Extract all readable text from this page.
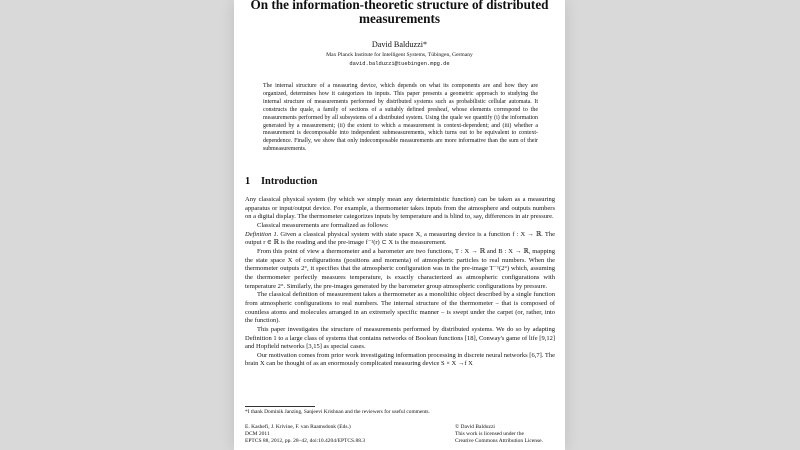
On the information-theoretic structure of distributed
measurements
David Balduzzi*
Max Planck Institute for Intelligent Systems, Tübingen, Germany
david.balduzzi@tuebingen.mpg.de

The internal structure of a measuring device, which depends on what its components are and how they are organized, determines how it categorizes its inputs. This paper presents a geometric approach to studying the internal structure of measurements performed by distributed systems such as probabilistic cellular automata. It constructs the quale, a family of sections of a suitably defined presheaf, whose elements correspond to the measurements performed by all subsystems of a distributed system. Using the quale we quantify (i) the information generated by a measurement; (ii) the extent to which a measurement is context-dependent; and (iii) whether a measurement is decomposable into independent submeasurements, which turns out to be equivalent to context-dependence. Finally, we show that only indecomposable measurements are more informative than the sum of their submeasurements.

1 Introduction

Any classical physical system (by which we simply mean any deterministic function) can be taken as a measuring apparatus or input/output device. For example, a thermometer takes inputs from the atmosphere and outputs numbers on a digital display. The thermometer categorizes inputs by temperature and is blind to, say, differences in air pressure.

Classical measurements are formalized as follows:

Definition 1. Given a classical physical system with state space X, a measuring device is a function f : X → ℝ. The output r ∈ ℝ is the reading and the pre-image f⁻¹(r) ⊂ X is the measurement.

From this point of view a thermometer and a barometer are two functions, T : X → ℝ and B : X → ℝ, mapping the state space X of configurations (positions and momenta) of atmospheric particles to real numbers. When the thermometer outputs 2°, it specifies that the atmospheric configuration was in the pre-image T⁻¹(2°) which, assuming the thermometer perfectly measures temperature, is exactly characterized as atmospheric configurations with temperature 2°. Similarly, the pre-images generated by the barometer group atmospheric configurations by pressure.

The classical definition of measurement takes a thermometer as a monolithic object described by a single function from atmospheric configurations to real numbers. The internal structure of the thermometer – that is composed of countless atoms and molecules arranged in an extremely specific manner – is swept under the carpet (or, rather, into the function).

This paper investigates the structure of measurements performed by distributed systems. We do so by adapting Definition 1 to a large class of systems that contains networks of Boolean functions [18], Conway's game of life [9,12] and Hopfield networks [3,15] as special cases.

Our motivation comes from prior work investigating information processing in discrete neural networks [6,7]. The brain X can be thought of as an enormously complicated measuring device S × X →f X

*I thank Dominik Janzing, Sanjeevi Krishnan and the reviewers for useful comments.
E. Kashefi, J. Krivine, F. van Raamsdonk (Eds.)
DCM 2011
EPTCS 88, 2012, pp. 28–42, doi:10.4204/EPTCS.88.3
© David Balduzzi
This work is licensed under the
Creative Commons Attribution License.
